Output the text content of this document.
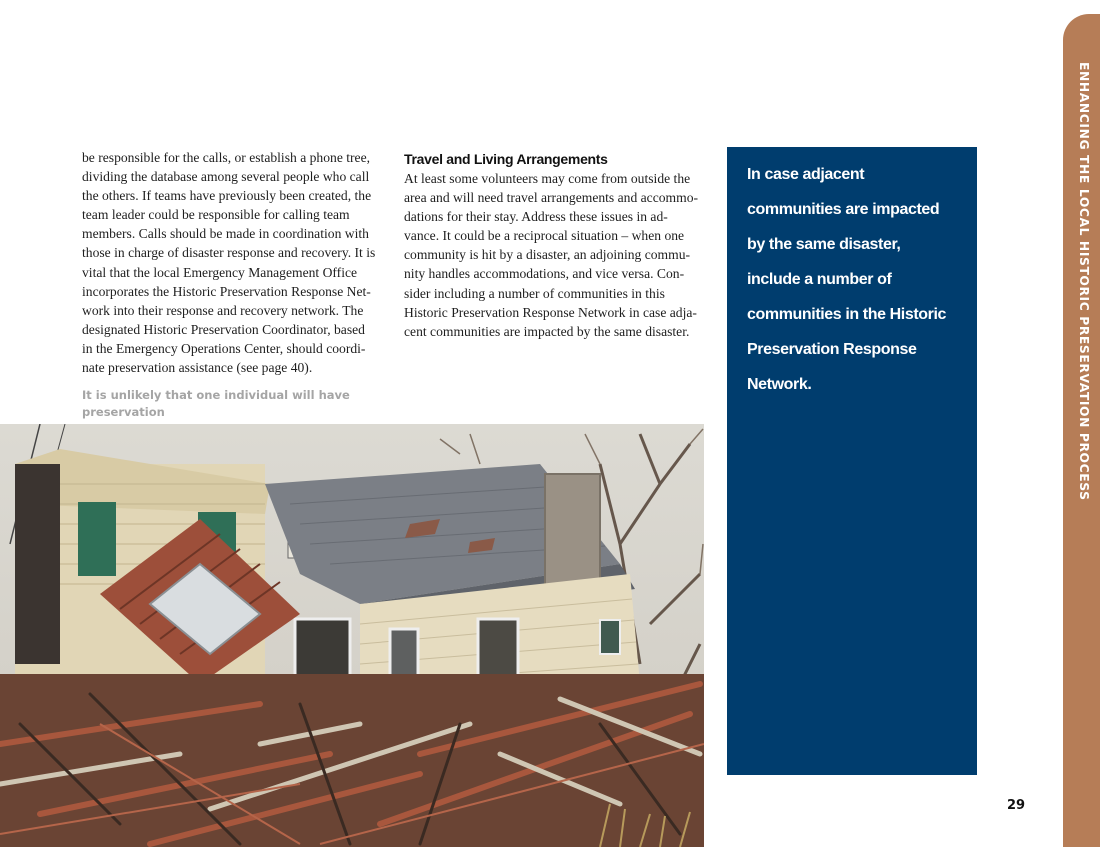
be responsible for the calls, or establish a phone tree,
dividing the database among several people who call
the others. If teams have previously been created, the
team leader could be responsible for calling team
members. Calls should be made in coordination with
those in charge of disaster response and recovery. It is
vital that the local Emergency Management Office
incorporates the Historic Preservation Response Net-
work into their response and recovery network. The
designated Historic Preservation Coordinator, based
in the Emergency Operations Center, should coordi-
nate preservation assistance (see page 40).
Travel and Living Arrangements
At least some volunteers may come from outside the
area and will need travel arrangements and accommo-
dations for their stay. Address these issues in ad-
vance. It could be a reciprocal situation – when one
community is hit by a disaster, an adjoining commu-
nity handles accommodations, and vice versa. Con-
sider including a number of communities in this
Historic Preservation Response Network in case adja-
cent communities are impacted by the same disaster.
It is unlikely that one individual will have preservation

In case adjacent
communities are impacted
by the same disaster,
include a number of
communities in the Historic
Preservation Response
Network.	ENHANCING THE LOCAL HISTORIC PRESERVATION PROCESS
29
